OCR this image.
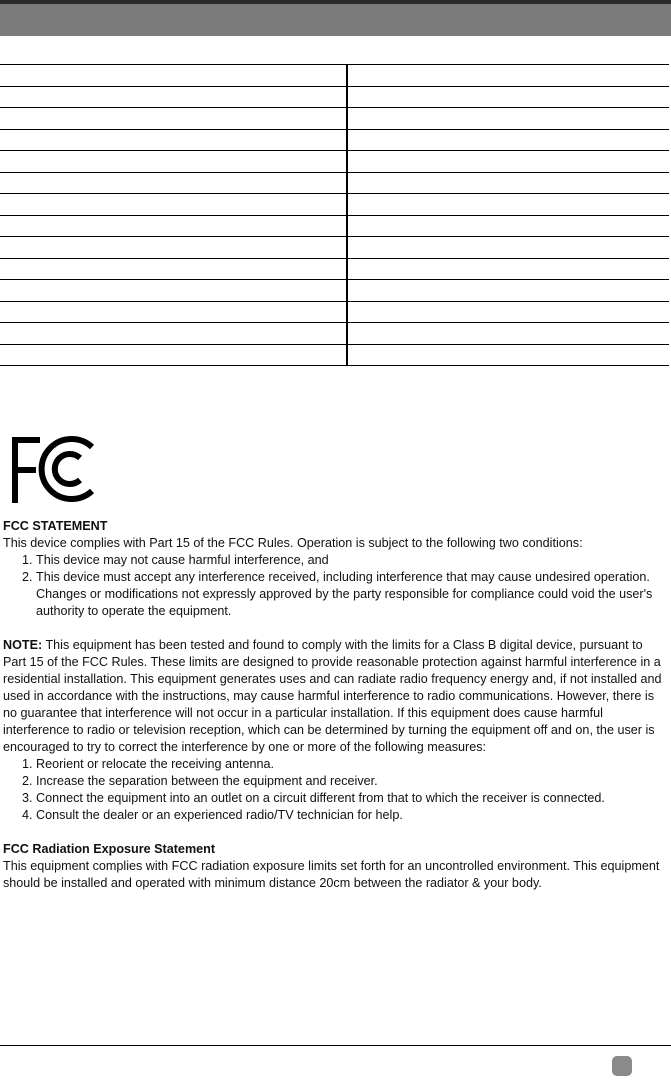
FCC STATEMENT

This device complies with Part 15 of the FCC Rules. Operation is subject to the following two conditions:

1. This device may not cause harmful interference, and
2. This device must accept any interference received, including interference that may cause undesired operation. Changes or modifications not expressly approved by the party responsible for compliance could void the user's authority to operate the equipment.

NOTE: This equipment has been tested and found to comply with the limits for a Class B digital device, pursuant to Part 15 of the FCC Rules. These limits are designed to provide reasonable protection against harmful interference in a residential installation. This equipment generates uses and can radiate radio frequency energy and, if not installed and used in accordance with the instructions, may cause harmful interference to radio communications. However, there is no guarantee that interference will not occur in a particular installation. If this equipment does cause harmful interference to radio or television reception, which can be determined by turning the equipment off and on, the user is encouraged to try to correct the interference by one or more of the following measures:

1. Reorient or relocate the receiving antenna.
2. Increase the separation between the equipment and receiver.
3. Connect the equipment into an outlet on a circuit different from that to which the receiver is connected.
4. Consult the dealer or an experienced radio/TV technician for help.
FCC Radiation Exposure Statement

This equipment complies with FCC radiation exposure limits set forth for an uncontrolled environment. This equipment should be installed and operated with minimum distance 20cm between the radiator & your body.
